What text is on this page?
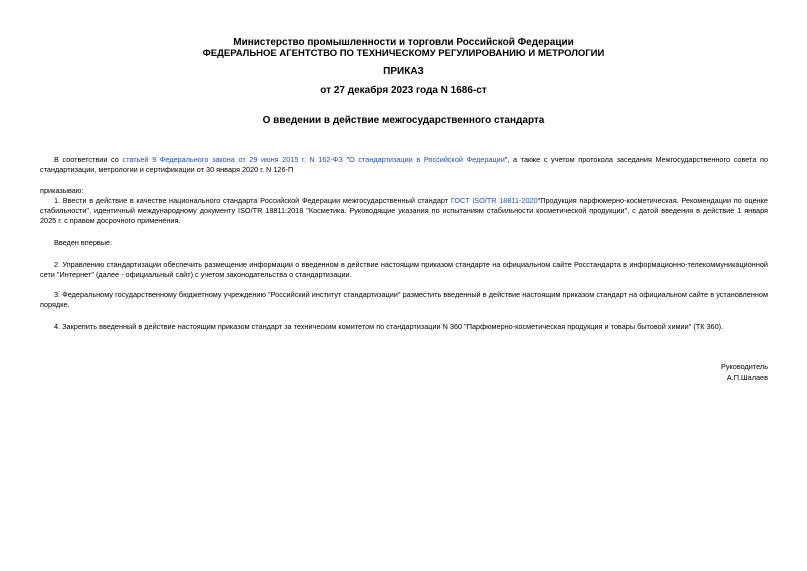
Министерство промышленности и торговли Российской Федерации
ФЕДЕРАЛЬНОЕ АГЕНТСТВО ПО ТЕХНИЧЕСКОМУ РЕГУЛИРОВАНИЮ И МЕТРОЛОГИИ
ПРИКАЗ
от 27 декабря 2023 года N 1686-ст
О введении в действие межгосударственного стандарта
В соответствии со статьей 9 Федерального закона от 29 июня 2015 г. N 162-ФЗ "О стандартизации в Российской Федерации", а также с учетом протокола заседания Межгосударственного совета по стандартизации, метрологии и сертификации от 30 января 2020 г. N 126-П
приказываю:
1. Ввести в действие в качестве национального стандарта Российской Федерации межгосударственный стандарт ГОСТ ISO/TR 18811-2020"Продукция парфюмерно-косметическая. Рекомендации по оценке стабильности", идентичный международному документу ISO/TR 18811:2018 "Косметика. Руководящие указания по испытаниям стабильности косметической продукции", с датой введения в действие 1 января 2025 г. с правом досрочного применения.
Введен впервые.
2. Управлению стандартизации обеспечить размещение информации о введенном в действие настоящим приказом стандарте на официальном сайте Росстандарта в информационно-телекоммуникационной сети "Интернет" (далее - официальный сайт) с учетом законодательства о стандартизации.
3. Федеральному государственному бюджетному учреждению "Российский институт стандартизации" разместить введенный в действие настоящим приказом стандарт на официальном сайте в установленном порядке.
4. Закрепить введенный в действие настоящим приказом стандарт за техническим комитетом по стандартизации N 360 "Парфюмерно-косметическая продукция и товары бытовой химии" (ТК 360).
Руководитель
А.П.Шалаев
